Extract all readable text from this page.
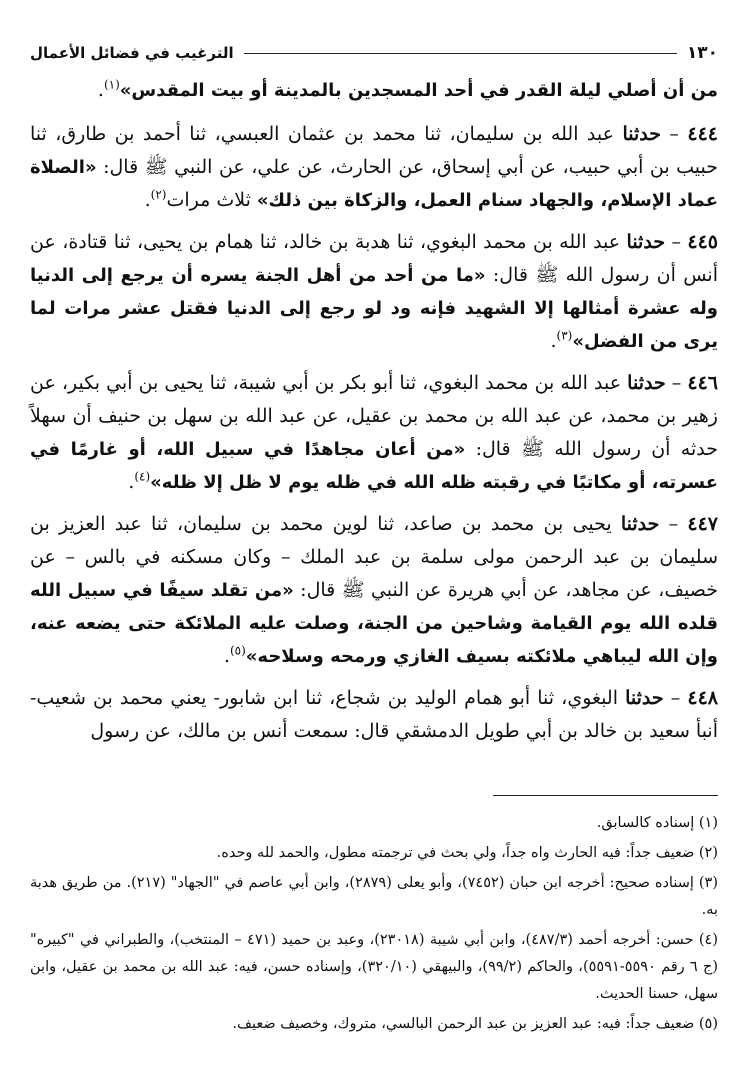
١٣٠
الترغيب في فضائل الأعمال

من أن أصلي ليلة القدر في أحد المسجدين بالمدينة أو بيت المقدس»$^{(١)}$.

٤٤٤ – حدثنا عبد الله بن سليمان، ثنا محمد بن عثمان العبسي، ثنا أحمد بن طارق، ثنا حبيب بن أبي حبيب، عن أبي إسحاق، عن الحارث، عن علي، عن النبي ﷺ قال: «الصلاة عماد الإسلام، والجهاد سنام العمل، والزكاة بين ذلك» ثلاث مرات$^{(٢)}$.

٤٤٥ – حدثنا عبد الله بن محمد البغوي، ثنا هدبة بن خالد، ثنا همام بن يحيى، ثنا قتادة، عن أنس أن رسول الله ﷺ قال: «ما من أحد من أهل الجنة يسره أن يرجع إلى الدنيا وله عشرة أمثالها إلا الشهيد فإنه ود لو رجع إلى الدنيا فقتل عشر مرات لما يرى من الفضل»$^{(٣)}$.

٤٤٦ – حدثنا عبد الله بن محمد البغوي، ثنا أبو بكر بن أبي شيبة، ثنا يحيى بن أبي بكير، عن زهير بن محمد، عن عبد الله بن محمد بن عقيل، عن عبد الله بن سهل بن حنيف أن سهلاً حدثه أن رسول الله ﷺ قال: «من أعان مجاهدًا في سبيل الله، أو غارمًا في عسرته، أو مكاتبًا في رقبته ظله الله في ظله يوم لا ظل إلا ظله»$^{(٤)}$.

٤٤٧ – حدثنا يحيى بن محمد بن صاعد، ثنا لوين محمد بن سليمان، ثنا عبد العزيز بن سليمان بن عبد الرحمن مولى سلمة بن عبد الملك – وكان مسكنه في بالس – عن خصيف، عن مجاهد، عن أبي هريرة عن النبي ﷺ قال: «من تقلد سيفًا في سبيل الله قلده الله يوم القيامة وشاحين من الجنة، وصلت عليه الملائكة حتى يضعه عنه، وإن الله ليباهي ملائكته بسيف الغازي ورمحه وسلاحه»$^{(٥)}$.

٤٤٨ – حدثنا البغوي، ثنا أبو همام الوليد بن شجاع، ثنا ابن شابور- يعني محمد بن شعيب-أنبأ سعيد بن خالد بن أبي طويل الدمشقي قال: سمعت أنس بن مالك، عن رسول

(١) إسناده كالسابق.

(٢) ضعيف جداً: فيه الحارث واه جداً، ولي بحث في ترجمته مطول، والحمد لله وحده.

(٣) إسناده صحيح: أخرجه ابن حبان (٧٤٥٢)، وأبو يعلى (٢٨٧٩)، وابن أبي عاصم في "الجهاد" (٢١٧). من طريق هدبة به.

(٤) حسن: أخرجه أحمد (٤٨٧/٣)، وابن أبي شيبة (٢٣٠١٨)، وعبد بن حميد (٤٧١ – المنتخب)، والطبراني في "كبيره" (ج ٦ رقم ٥٥٩٠-٥٥٩١)، والحاكم (٩٩/٢)، والبيهقي (٣٢٠/١٠)، وإسناده حسن، فيه: عبد الله بن محمد بن عقيل، وابن سهل، حسنا الحديث.

(٥) ضعيف جداً: فيه: عبد العزيز بن عبد الرحمن البالسي، متروك، وخصيف ضعيف.
